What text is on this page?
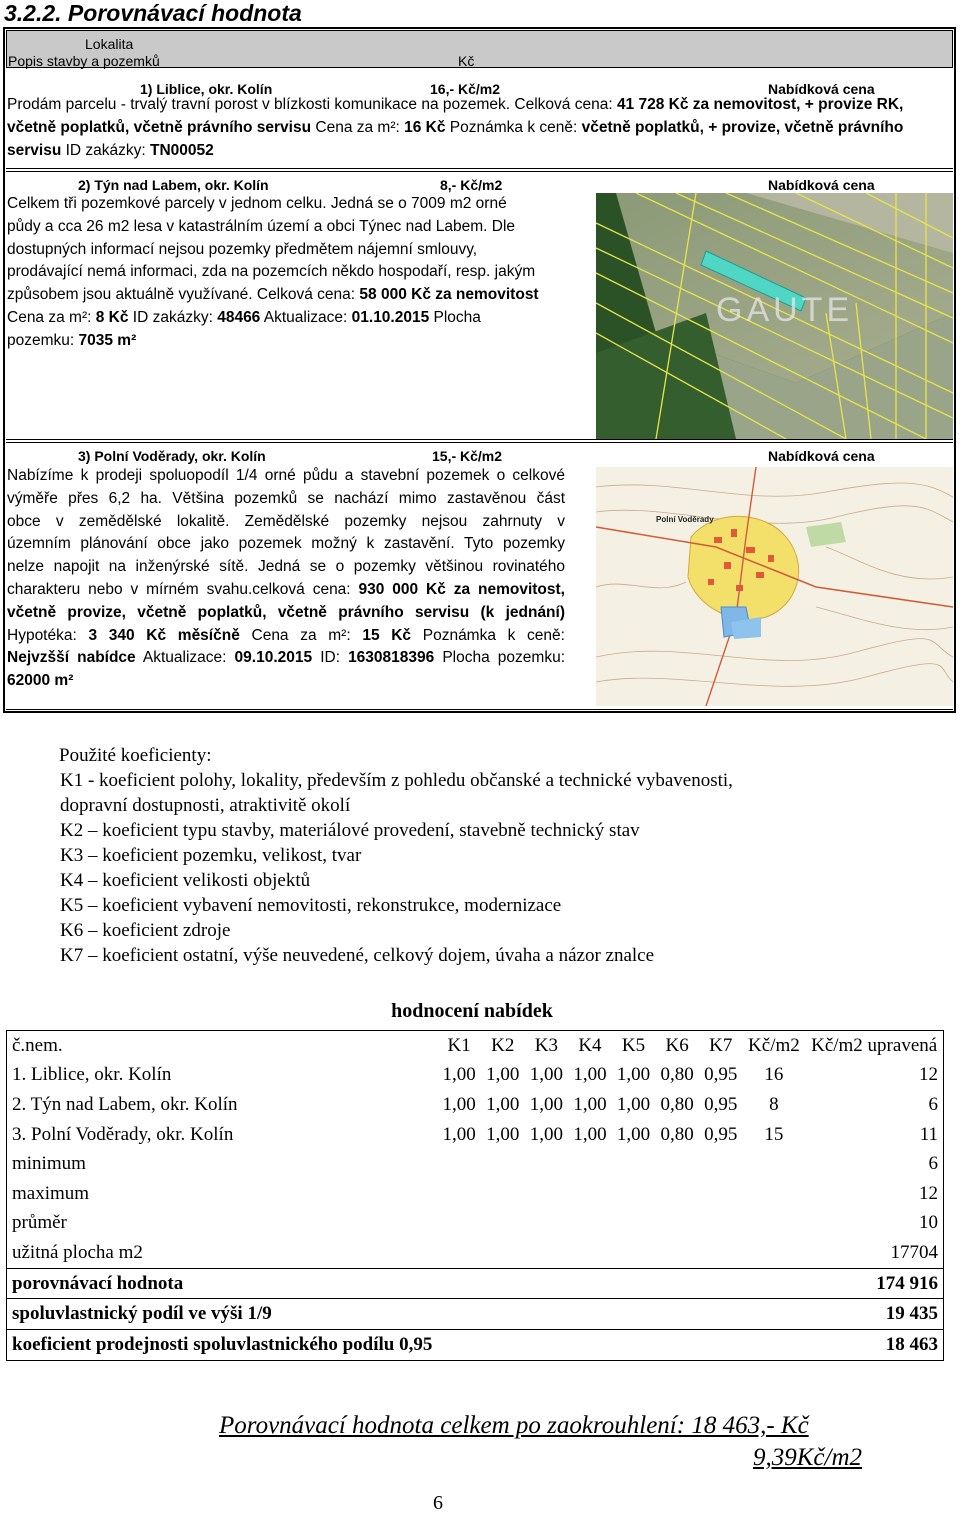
3.2.2. Porovnávací hodnota
Lokalita
Popis stavby a pozemků	Kč
1) Liblice, okr. Kolín	16,- Kč/m2	Nabídková cena
Prodám parcelu - trvalý travní porost v blízkosti komunikace na pozemek. Celková cena: 41 728 Kč za nemovitost, + provize RK,
včetně poplatků, včetně právního servisu Cena za m²: 16 Kč Poznámka k ceně: včetně poplatků, + provize, včetně právního
servisu ID zakázky: TN00052
2) Týn nad Labem, okr. Kolín	8,- Kč/m2	Nabídková cena
Celkem tři pozemkové parcely v jednom celku. Jedná se o 7009 m2 orné
půdy a cca 26 m2 lesa v katastrálním území a obci Týnec nad Labem. Dle
dostupných informací nejsou pozemky předmětem nájemní smlouvy,
prodávající nemá informaci, zda na pozemcích někdo hospodaří, resp. jakým
způsobem jsou aktuálně využívané. Celková cena: 58 000 Kč za nemovitost
Cena za m²: 8 Kč ID zakázky: 48466 Aktualizace: 01.10.2015 Plocha
pozemku: 7035 m²
GAUTE
3) Polní Voděrady, okr. Kolín	15,- Kč/m2	Nabídková cena
Nabízíme k prodeji spoluopodíl 1/4 orné půdu a stavební pozemek o celkové
výměře přes 6,2 ha. Většina pozemků se nachází mimo zastavěnou část
obce v zemědělské lokalitě. Zemědělské pozemky nejsou zahrnuty v
územním plánování obce jako pozemek možný k zastavění. Tyto pozemky
nelze napojit na inženýrské sítě. Jedná se o pozemky většinou rovinatého
charakteru nebo v mírném svahu.celková cena: 930 000 Kč za nemovitost,
včetně provize, včetně poplatků, včetně právního servisu (k jednání)
Hypotéka: 3 340 Kč měsíčně Cena za m²: 15 Kč Poznámka k ceně:
Nejvzšší nabídce Aktualizace: 09.10.2015 ID: 1630818396 Plocha pozemku:
62000 m²
Polní Voděrady
Použité koeficienty:
K1 - koeficient polohy, lokality, především z pohledu občanské a technické vybavenosti,
dopravní dostupnosti, atraktivitě okolí
K2 – koeficient typu stavby, materiálové provedení, stavebně technický stav
K3 – koeficient pozemku, velikost, tvar
K4 – koeficient velikosti objektů
K5 – koeficient vybavení nemovitosti, rekonstrukce, modernizace
K6 – koeficient zdroje
K7 – koeficient ostatní, výše neuvedené, celkový dojem, úvaha a názor znalce
hodnocení nabídek
č.nem.	K1	K2	K3	K4	K5	K6	K7	Kč/m2	Kč/m2 upravená
1. Liblice, okr. Kolín	1,00	1,00	1,00	1,00	1,00	0,80	0,95	16	12
2. Týn nad Labem, okr. Kolín	1,00	1,00	1,00	1,00	1,00	0,80	0,95	8	6
3. Polní Voděrady, okr. Kolín	1,00	1,00	1,00	1,00	1,00	0,80	0,95	15	11
minimum	6								
maximum	12								
průměr	10								
užitná plocha m2	17704								
porovnávací hodnota	174 916								
spoluvlastnický podíl ve výši 1/9	19 435								
koeficient prodejnosti spoluvlastnického podílu 0,95	18 463								
Porovnávací hodnota celkem po zaokrouhlení: 18 463,- Kč
9,39Kč/m2
6
